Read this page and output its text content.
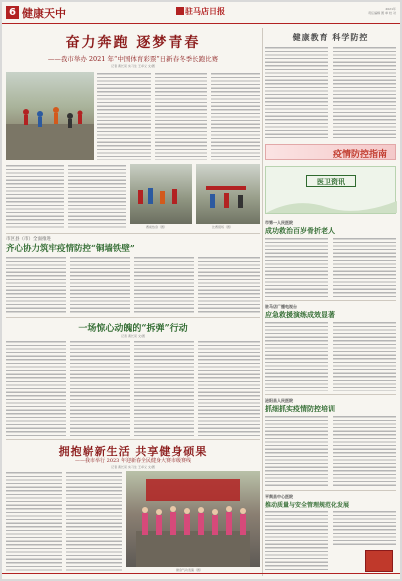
6 健康天中	驻马店日报	2021年
责任编辑 图 单 校 对
奋力奔跑 逐梦青春
——我市举办 2021 年“中国体育彩票”日新春冬季长跑比赛
记者 黄长亮 实习生 王卓义 文/图
赛前热身（图）	比赛现场（图）
市区县（市）全面推进
齐心协力筑牢疫情防控“铜墙铁壁”
一场惊心动魄的“拆弹”行动
记者 黄长亮 文/图
拥抱崭新生活 共享健身硕果
——我市举行 2023 年迎新春全民健身大赛市级赛线
记者 黄长亮 实习生 王卓义 文/图
健身气功表演（图）
健康教育 科学防控
疫情防控指南
医卫资讯
市第一人民医院
成功救治百岁骨折老人
驻马店广播电视台
应急救援演练成效显著
泌阳县人民医院
抓细抓实疫情防控培训
平舆县中心医院
推动质量与安全管理规范化发展
